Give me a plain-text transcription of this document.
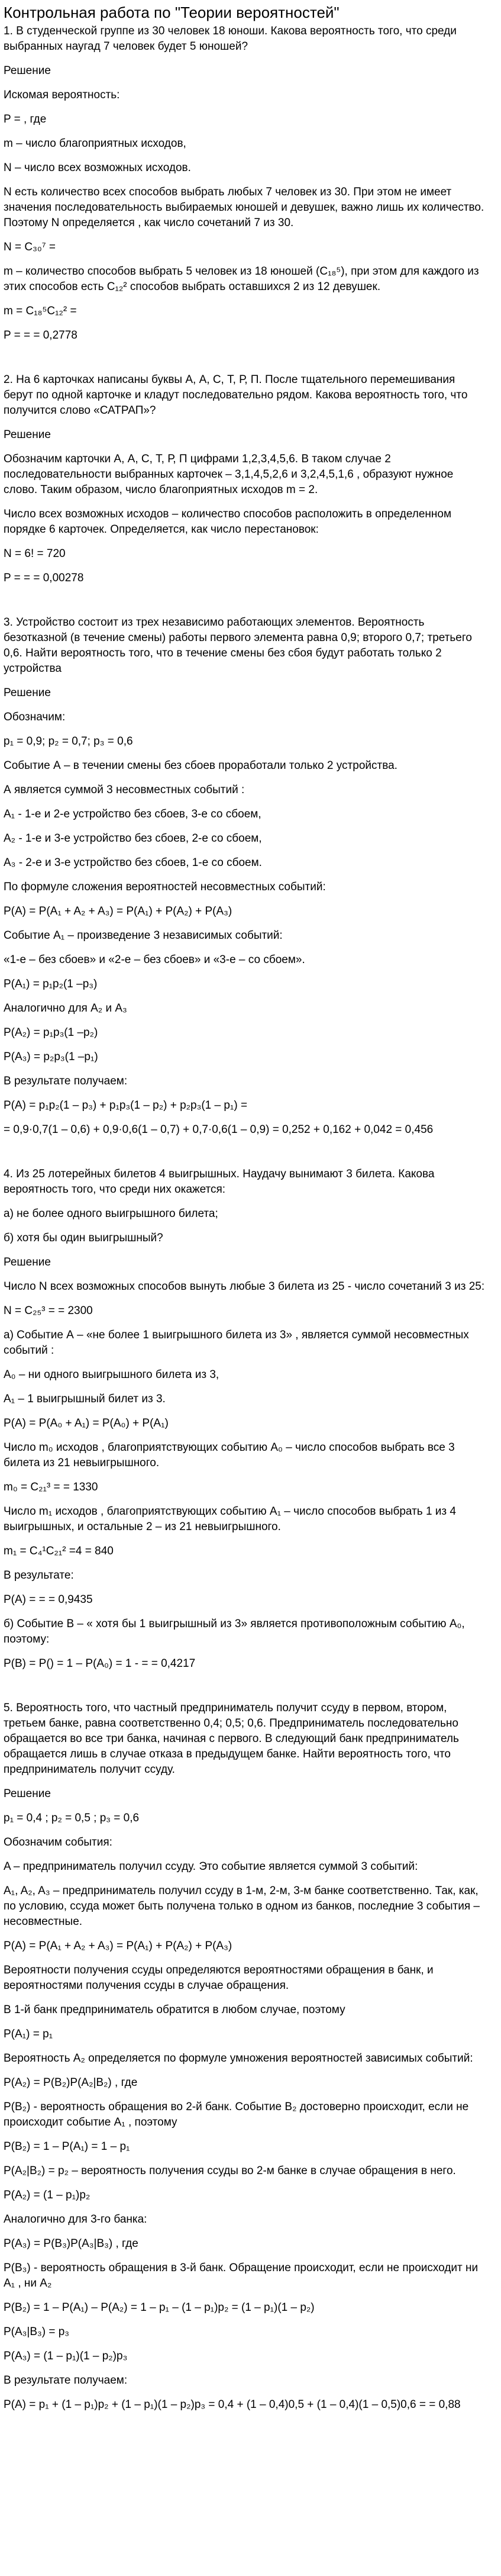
Контрольная работа по "Теории вероятностей"

1. В студенческой группе из 30 человек 18 юноши. Какова вероятность того, что среди выбранных наугад 7 человек будет 5 юношей?

Решение

Искомая вероятность:

P = , где

m – число благоприятных исходов,

N – число всех возможных исходов.

N есть количество всех способов выбрать любых 7 человек из 30. При этом не имеет значения последовательность выбираемых юношей и девушек, важно лишь их количество. Поэтому N определяется , как число сочетаний 7 из 30.

N = C₃₀⁷ =

m – количество способов выбрать 5 человек из 18 юношей (C₁₈⁵), при этом для каждого из этих способов есть C₁₂² способов выбрать оставшихся 2 из 12 девушек.

m = C₁₈⁵C₁₂² =

P = = = 0,2778

2. На 6 карточках написаны буквы А, А, С, Т, Р, П. После тщательного перемешивания берут по одной карточке и кладут последовательно рядом. Какова вероятность того, что получится слово «САТРАП»?

Решение

Обозначим карточки А, А, С, Т, Р, П цифрами 1,2,3,4,5,6. В таком случае 2 последовательности выбранных карточек – 3,1,4,5,2,6 и 3,2,4,5,1,6 , образуют нужное слово. Таким образом, число благоприятных исходов m = 2.

Число всех возможных исходов – количество способов расположить в определенном порядке 6 карточек. Определяется, как число перестановок:

N = 6! = 720

P = = = 0,00278

3. Устройство состоит из трех независимо работающих элементов. Вероятность безотказной (в течение смены) работы первого элемента равна 0,9; второго 0,7; третьего 0,6. Найти вероятность того, что в течение смены без сбоя будут работать только 2 устройства

Решение

Обозначим:

p₁ = 0,9; p₂ = 0,7; p₃ = 0,6

Событие А – в течении смены без сбоев проработали только 2 устройства.

А является суммой 3 несовместных событий :

А₁ - 1-е и 2-е устройство без сбоев, 3-е со сбоем,

А₂ - 1-е и 3-е устройство без сбоев, 2-е со сбоем,

А₃ - 2-е и 3-е устройство без сбоев, 1-е со сбоем.

По формуле сложения вероятностей несовместных событий:

P(A) = P(A₁ + A₂ + A₃) = P(A₁) + P(A₂) + P(A₃)

Событие A₁ – произведение 3 независимых событий:

«1-е – без сбоев» и «2-е – без сбоев» и «3-е – со сбоем».

P(A₁) = p₁p₂(1 –p₃)

Аналогично для A₂ и A₃

P(A₂) = p₁p₃(1 –p₂)

P(A₃) = p₂p₃(1 –p₁)

В результате получаем:

P(A) = p₁p₂(1 – p₃) + p₁p₃(1 – p₂) + p₂p₃(1 – p₁) =

= 0,9·0,7(1 – 0,6) + 0,9·0,6(1 – 0,7) + 0,7·0,6(1 – 0,9) = 0,252 + 0,162 + 0,042 = 0,456

4. Из 25 лотерейных билетов 4 выигрышных. Наудачу вынимают 3 билета. Какова вероятность того, что среди них окажется:

а) не более одного выигрышного билета;

б) хотя бы один выигрышный?

Решение

Число N всех возможных способов вынуть любые 3 билета из 25 - число сочетаний 3 из 25:

N = C₂₅³ = = 2300

а) Событие А – «не более 1 выигрышного билета из 3» , является суммой несовместных событий :

A₀ – ни одного выигрышного билета из 3,

A₁ – 1 выигрышный билет из 3.

P(A) = P(A₀ + A₁) = P(A₀) + P(A₁)

Число m₀ исходов , благоприятствующих событию A₀ – число способов выбрать все 3 билета из 21 невыигрышного.

m₀ = C₂₁³ = = 1330

Число m₁ исходов , благоприятствующих событию A₁ – число способов выбрать 1 из 4 выигрышных, и остальные 2 – из 21 невыигрышного.

m₁ = C₄¹C₂₁² =4 = 840

В результате:

P(A) = = = 0,9435

б) Событие В – « хотя бы 1 выигрышный из 3» является противоположным событию A₀, поэтому:

P(B) = P() = 1 – P(A₀) = 1 - = = 0,4217

5. Вероятность того, что частный предприниматель получит ссуду в первом, втором, третьем банке, равна соответственно 0,4; 0,5; 0,6. Предприниматель последовательно обращается во все три банка, начиная с первого. В следующий банк предприниматель обращается лишь в случае отказа в предыдущем банке. Найти вероятность того, что предприниматель получит ссуду.

Решение

p₁ = 0,4 ; p₂ = 0,5 ; p₃ = 0,6

Обозначим события:

A – предприниматель получил ссуду. Это событие является суммой 3 событий:

A₁, A₂, A₃ – предприниматель получил ссуду в 1-м, 2-м, 3-м банке соответственно. Так, как, по условию, ссуда может быть получена только в одном из банков, последние 3 события – несовместные.

P(A) = P(A₁ + A₂ + A₃) = P(A₁) + P(A₂) + P(A₃)

Вероятности получения ссуды определяются вероятностями обращения в банк, и вероятностями получения ссуды в случае обращения.

В 1-й банк предприниматель обратится в любом случае, поэтому

P(A₁) = p₁

Вероятность A₂ определяется по формуле умножения вероятностей зависимых событий:

P(A₂) = P(B₂)P(A₂|B₂) , где

P(B₂) - вероятность обращения во 2-й банк. Событие B₂ достоверно происходит, если не происходит событие A₁ , поэтому

P(B₂) = 1 – P(A₁) = 1 – p₁

P(A₂|B₂) = p₂ – вероятность получения ссуды во 2-м банке в случае обращения в него.

P(A₂) = (1 – p₁)p₂

Аналогично для 3-го банка:

P(A₃) = P(B₃)P(A₃|B₃) , где

P(B₃) - вероятность обращения в 3-й банк. Обращение происходит, если не происходит ни A₁ , ни A₂

P(B₂) = 1 – P(A₁) – P(A₂) = 1 – p₁ – (1 – p₁)p₂ = (1 – p₁)(1 – p₂)

P(A₃|B₃) = p₃

P(A₃) = (1 – p₁)(1 – p₂)p₃

В результате получаем:

P(A) = p₁ + (1 – p₁)p₂ + (1 – p₁)(1 – p₂)p₃ = 0,4 + (1 – 0,4)0,5 + (1 – 0,4)(1 – 0,5)0,6 = = 0,88
